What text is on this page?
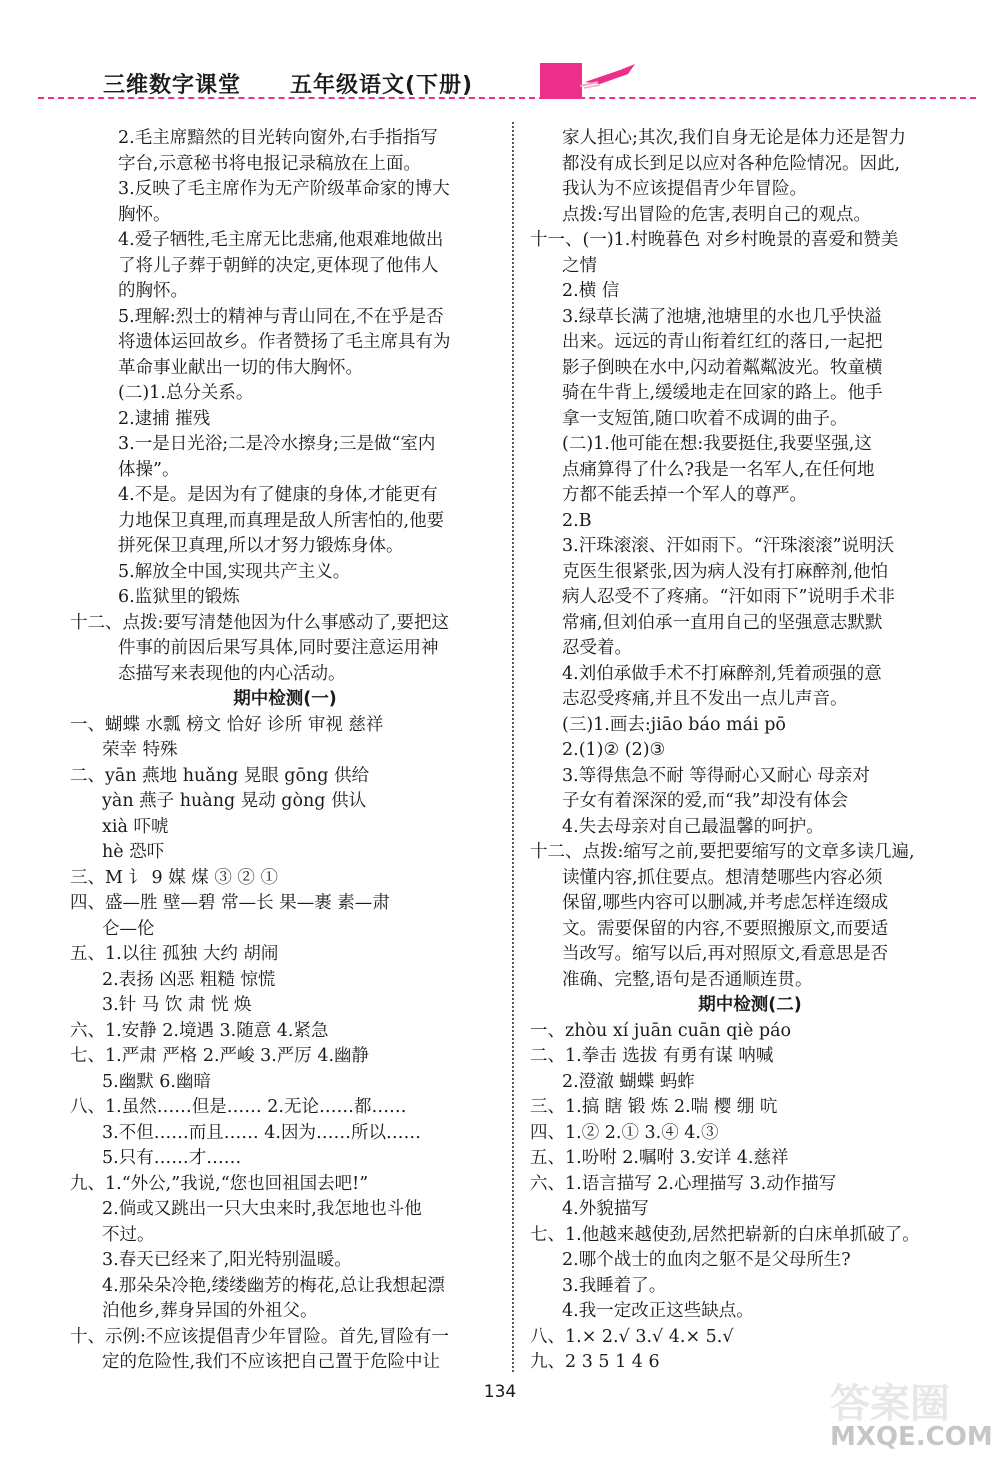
三维数字课堂 五年级语文(下册)
2.毛主席黯然的目光转向窗外,右手指指写
字台,示意秘书将电报记录稿放在上面。
3.反映了毛主席作为无产阶级革命家的博大
胸怀。
4.爱子牺牲,毛主席无比悲痛,他艰难地做出
了将儿子葬于朝鲜的决定,更体现了他伟人
的胸怀。
5.理解:烈士的精神与青山同在,不在乎是否
将遗体运回故乡。作者赞扬了毛主席具有为
革命事业献出一切的伟大胸怀。
(二)1.总分关系。
2.逮捕 摧残
3.一是日光浴;二是冷水擦身;三是做“室内
体操”。
4.不是。是因为有了健康的身体,才能更有
力地保卫真理,而真理是敌人所害怕的,他要
拼死保卫真理,所以才努力锻炼身体。
5.解放全中国,实现共产主义。
6.监狱里的锻炼
十二、点拨:要写清楚他因为什么事感动了,要把这
件事的前因后果写具体,同时要注意运用神
态描写来表现他的内心活动。
期中检测(一)
一、蝴蝶 水瓢 榜文 恰好 诊所 审视 慈祥
荣幸 特殊
二、yān 燕地 huǎng 晃眼 gōng 供给
yàn 燕子 huàng 晃动 gòng 供认
xià 吓唬
hè 恐吓
三、M 讠 9 媒 煤 ③ ② ①
四、盛—胜 壁—碧 常—长 果—裹 素—肃
仑—伦
五、1.以往 孤独 大约 胡闹
2.表扬 凶恶 粗糙 惊慌
3.针 马 饮 肃 恍 焕
六、1.安静 2.境遇 3.随意 4.紧急
七、1.严肃 严格 2.严峻 3.严厉 4.幽静
5.幽默 6.幽暗
八、1.虽然……但是…… 2.无论……都……
3.不但……而且…… 4.因为……所以……
5.只有……才……
九、1.“外公,”我说,“您也回祖国去吧!”
2.倘或又跳出一只大虫来时,我怎地也斗他
不过。
3.春天已经来了,阳光特别温暖。
4.那朵朵冷艳,缕缕幽芳的梅花,总让我想起漂
泊他乡,葬身异国的外祖父。
十、示例:不应该提倡青少年冒险。首先,冒险有一
定的危险性,我们不应该把自己置于危险中让
家人担心;其次,我们自身无论是体力还是智力
都没有成长到足以应对各种危险情况。因此,
我认为不应该提倡青少年冒险。
点拨:写出冒险的危害,表明自己的观点。
十一、(一)1.村晚暮色 对乡村晚景的喜爱和赞美
之情
2.横 信
3.绿草长满了池塘,池塘里的水也几乎快溢
出来。远远的青山衔着红红的落日,一起把
影子倒映在水中,闪动着粼粼波光。牧童横
骑在牛背上,缓缓地走在回家的路上。他手
拿一支短笛,随口吹着不成调的曲子。
(二)1.他可能在想:我要挺住,我要坚强,这
点痛算得了什么?我是一名军人,在任何地
方都不能丢掉一个军人的尊严。
2.B
3.汗珠滚滚、汗如雨下。“汗珠滚滚”说明沃
克医生很紧张,因为病人没有打麻醉剂,他怕
病人忍受不了疼痛。“汗如雨下”说明手术非
常痛,但刘伯承一直用自己的坚强意志默默
忍受着。
4.刘伯承做手术不打麻醉剂,凭着顽强的意
志忍受疼痛,并且不发出一点儿声音。
(三)1.画去:jiāo báo mái pō
2.(1)② (2)③
3.等得焦急不耐 等得耐心又耐心 母亲对
子女有着深深的爱,而“我”却没有体会
4.失去母亲对自己最温馨的呵护。
十二、点拨:缩写之前,要把要缩写的文章多读几遍,
读懂内容,抓住要点。想清楚哪些内容必须
保留,哪些内容可以删减,并考虑怎样连缀成
文。需要保留的内容,不要照搬原文,而要适
当改写。缩写以后,再对照原文,看意思是否
准确、完整,语句是否通顺连贯。
期中检测(二)
一、zhòu xí juān cuān qiè páo
二、1.拳击 选拔 有勇有谋 呐喊
2.澄澈 蝴蝶 蚂蚱
三、1.搞 瞎 锻 炼 2.喘 樱 绷 吭
四、1.② 2.① 3.④ 4.③
五、1.吩咐 2.嘱咐 3.安详 4.慈祥
六、1.语言描写 2.心理描写 3.动作描写
4.外貌描写
七、1.他越来越使劲,居然把崭新的白床单抓破了。
2.哪个战士的血肉之躯不是父母所生?
3.我睡着了。
4.我一定改正这些缺点。
八、1.× 2.√ 3.√ 4.× 5.√
九、2 3 5 1 4 6
134	答案圈
MXQE.COM
